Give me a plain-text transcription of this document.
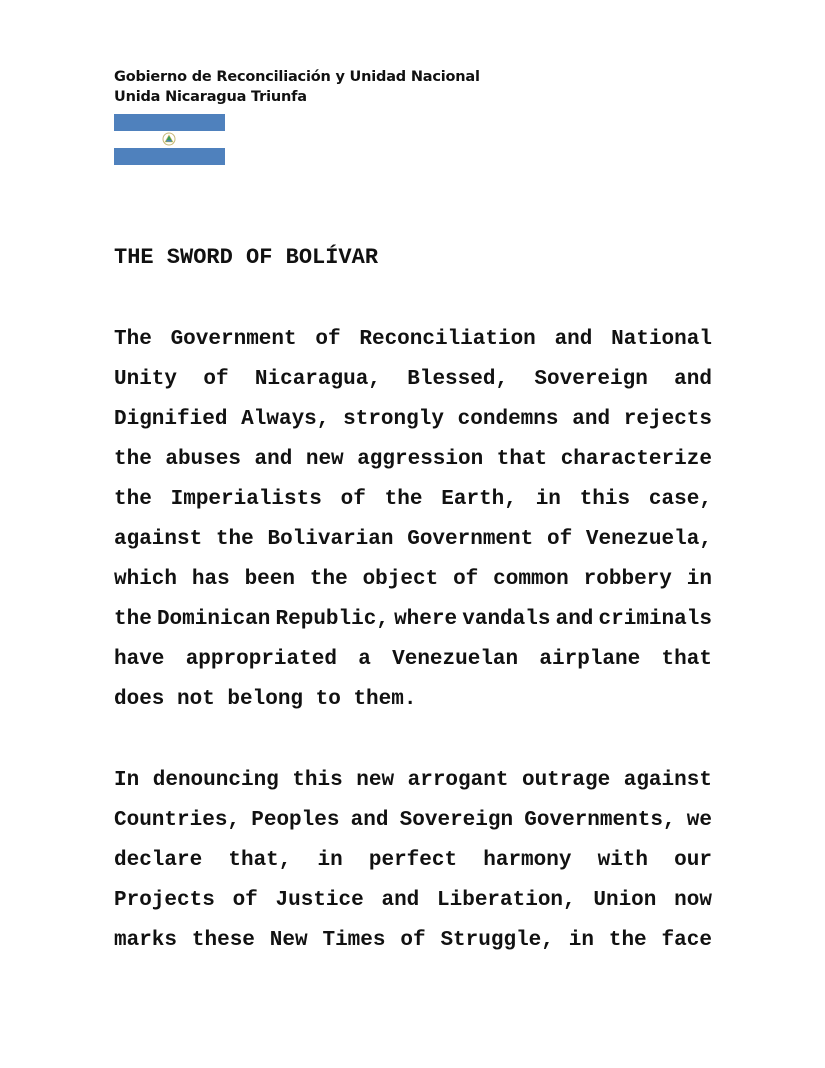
Gobierno de Reconciliación y Unidad Nacional
Unida Nicaragua Triunfa
THE SWORD OF BOLÍVAR
The Government of Reconciliation and National
Unity of Nicaragua, Blessed, Sovereign and
Dignified Always, strongly condemns and rejects
the abuses and new aggression that characterize
the Imperialists of the Earth, in this case,
against the Bolivarian Government of Venezuela,
which has been the object of common robbery in
the Dominican Republic, where vandals and criminals
have appropriated a Venezuelan airplane that
does not belong to them.
In denouncing this new arrogant outrage against
Countries, Peoples and Sovereign Governments, we
declare that, in perfect harmony with our
Projects of Justice and Liberation, Union now
marks these New Times of Struggle, in the face
